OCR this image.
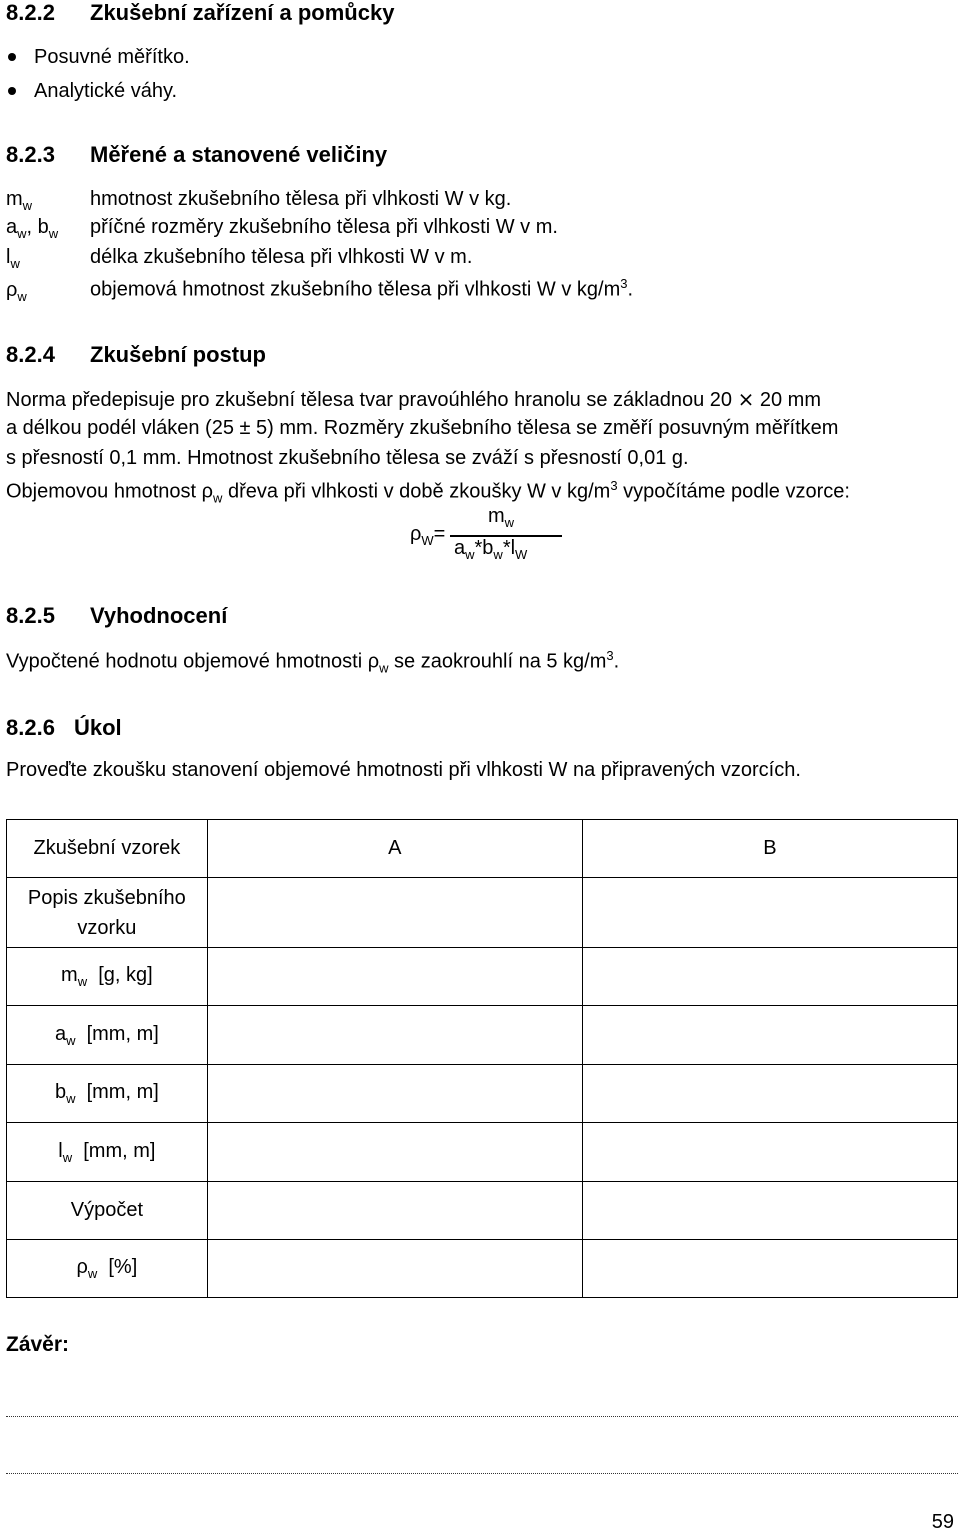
8.2.2 Zkušební zařízení a pomůcky
Posuvné měřítko.
Analytické váhy.
8.2.3 Měřené a stanovené veličiny
$m_w$	hmotnost zkušebního tělesa při vlhkosti W v kg.
$a_w$, $b_w$ příčné rozměry zkušebního tělesa při vlhkosti W v m.
$l_w$	délka zkušebního tělesa při vlhkosti W v m.
$\rho_w$	objemová hmotnost zkušebního tělesa při vlhkosti W v $kg/m^3$.
8.2.4 Zkušební postup
Norma předepisuje pro zkušební tělesa tvar pravoúhlého hranolu se základnou 20 ⨯ 20 mm
a délkou podél vláken (25 ± 5) mm. Rozměry zkušebního tělesa se změří posuvným měřítkem
s přesností 0,1 mm. Hmotnost zkušebního tělesa se zváží s přesností 0,01 g.
Objemovou hmotnost $\rho_w$ dřeva při vlhkosti v době zkoušky W v $kg/m^3$ vypočítáme podle vzorce:
$\rho_W=$
$m_w$
$a_w*b_w*l_W$
8.2.5 Vyhodnocení
Vypočtené hodnotu objemové hmotnosti $\rho_w$ se zaokrouhlí na 5 $kg/m^3$.
8.2.6 Úkol
Proveďte zkoušku stanovení objemové hmotnosti při vlhkosti W na připravených vzorcích.
Zkušební vzorek	A	B
Popis zkušebního vzorku		
$m_w$ [g, kg]		
$a_w$ [mm, m]		
$b_w$ [mm, m]		
$l_w$ [mm, m]		
Výpočet		
$\rho_w$ [%]		
Závěr:
59
